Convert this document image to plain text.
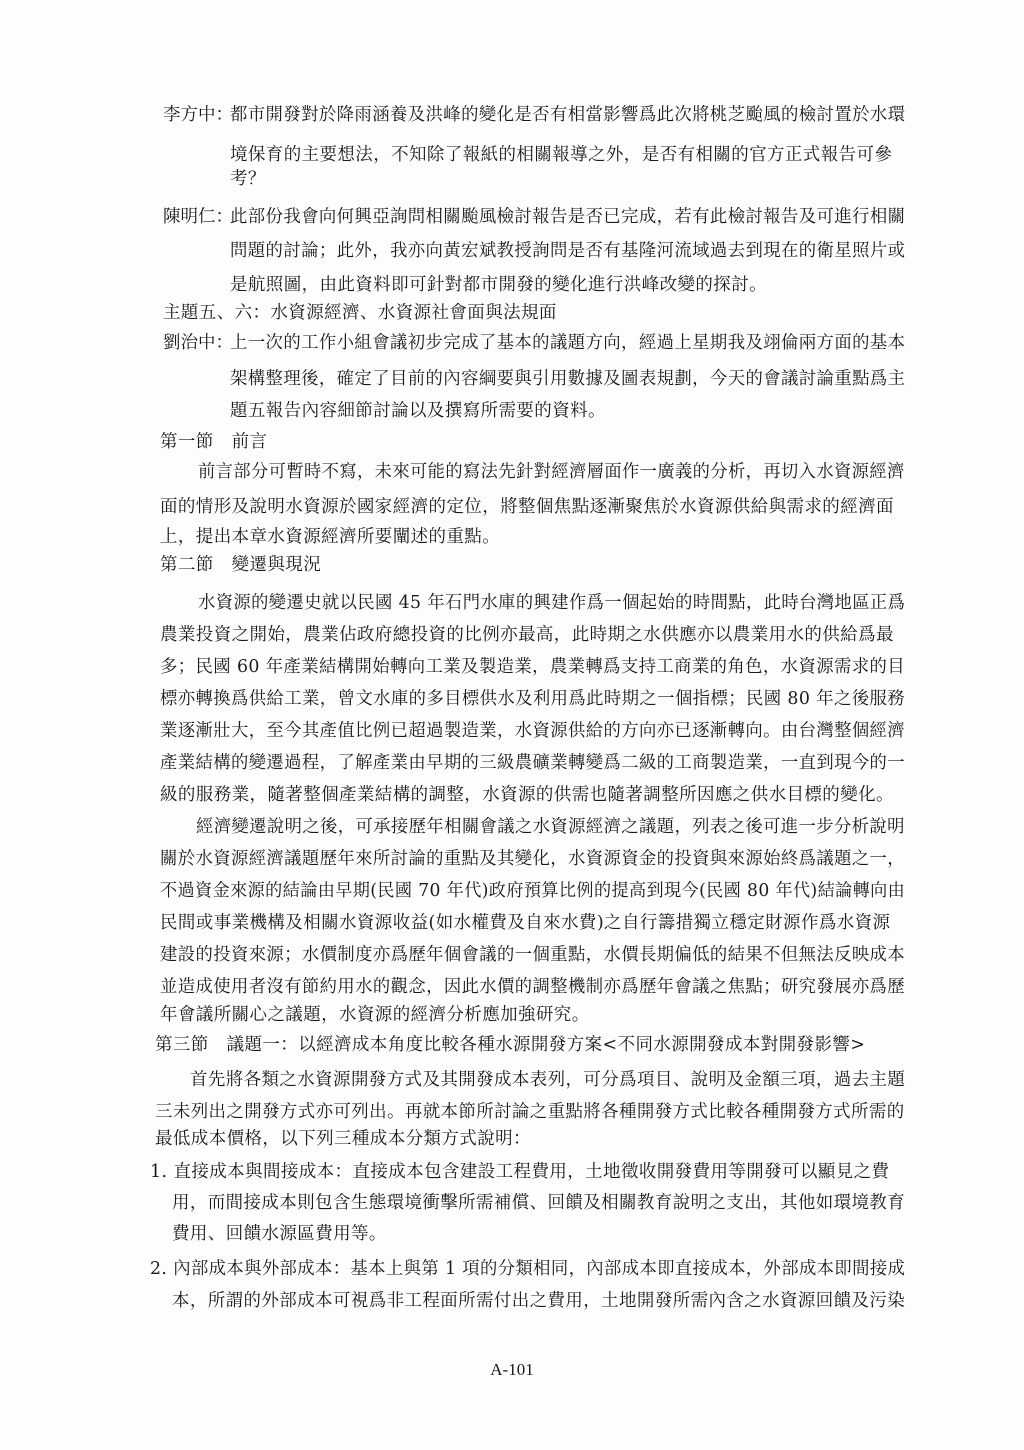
李方中：
都市開發對於降雨涵養及洪峰的變化是否有相當影響爲此次將桃芝颱風的檢討置於水環
境保育的主要想法，不知除了報紙的相關報導之外，是否有相關的官方正式報告可參
考？
陳明仁：
此部份我會向何興亞詢問相關颱風檢討報告是否已完成，若有此檢討報告及可進行相關
問題的討論；此外，我亦向黃宏斌教授詢問是否有基隆河流域過去到現在的衛星照片或
是航照圖，由此資料即可針對都市開發的變化進行洪峰改變的探討。
主題五、六：水資源經濟、水資源社會面與法規面
劉治中：
上一次的工作小組會議初步完成了基本的議題方向，經過上星期我及翊倫兩方面的基本
架構整理後，確定了目前的內容綱要與引用數據及圖表規劃，今天的會議討論重點爲主
題五報告內容細節討論以及撰寫所需要的資料。
第一節　前言
前言部分可暫時不寫，未來可能的寫法先針對經濟層面作一廣義的分析，再切入水資源經濟
面的情形及說明水資源於國家經濟的定位，將整個焦點逐漸聚焦於水資源供給與需求的經濟面
上，提出本章水資源經濟所要闡述的重點。
第二節　變遷與現況
水資源的變遷史就以民國 45 年石門水庫的興建作爲一個起始的時間點，此時台灣地區正爲
農業投資之開始，農業佔政府總投資的比例亦最高，此時期之水供應亦以農業用水的供給爲最
多；民國 60 年產業結構開始轉向工業及製造業，農業轉爲支持工商業的角色，水資源需求的目
標亦轉換爲供給工業，曾文水庫的多目標供水及利用爲此時期之一個指標；民國 80 年之後服務
業逐漸壯大，至今其產值比例已超過製造業，水資源供給的方向亦已逐漸轉向。由台灣整個經濟
產業結構的變遷過程，了解產業由早期的三級農礦業轉變爲二級的工商製造業，一直到現今的一
級的服務業，隨著整個產業結構的調整，水資源的供需也隨著調整所因應之供水目標的變化。
經濟變遷說明之後，可承接歷年相關會議之水資源經濟之議題，列表之後可進一步分析說明
關於水資源經濟議題歷年來所討論的重點及其變化，水資源資金的投資與來源始終爲議題之一，
不過資金來源的結論由早期(民國 70 年代)政府預算比例的提高到現今(民國 80 年代)結論轉向由
民間或事業機構及相關水資源收益(如水權費及自來水費)之自行籌措獨立穩定財源作爲水資源
建設的投資來源；水價制度亦爲歷年個會議的一個重點，水價長期偏低的結果不但無法反映成本
並造成使用者沒有節約用水的觀念，因此水價的調整機制亦爲歷年會議之焦點；研究發展亦爲歷
年會議所關心之議題，水資源的經濟分析應加強研究。
第三節　議題一：以經濟成本角度比較各種水源開發方案<不同水源開發成本對開發影響>
首先將各類之水資源開發方式及其開發成本表列，可分爲項目、說明及金額三項，過去主題
三未列出之開發方式亦可列出。再就本節所討論之重點將各種開發方式比較各種開發方式所需的
最低成本價格，以下列三種成本分類方式說明：
1. 直接成本與間接成本：直接成本包含建設工程費用，土地徵收開發費用等開發可以顯見之費
用，而間接成本則包含生態環境衝擊所需補償、回饋及相關教育說明之支出，其他如環境教育
費用、回饋水源區費用等。
2. 內部成本與外部成本：基本上與第 1 項的分類相同，內部成本即直接成本，外部成本即間接成
本，所謂的外部成本可視爲非工程面所需付出之費用，土地開發所需內含之水資源回饋及污染
A-101
